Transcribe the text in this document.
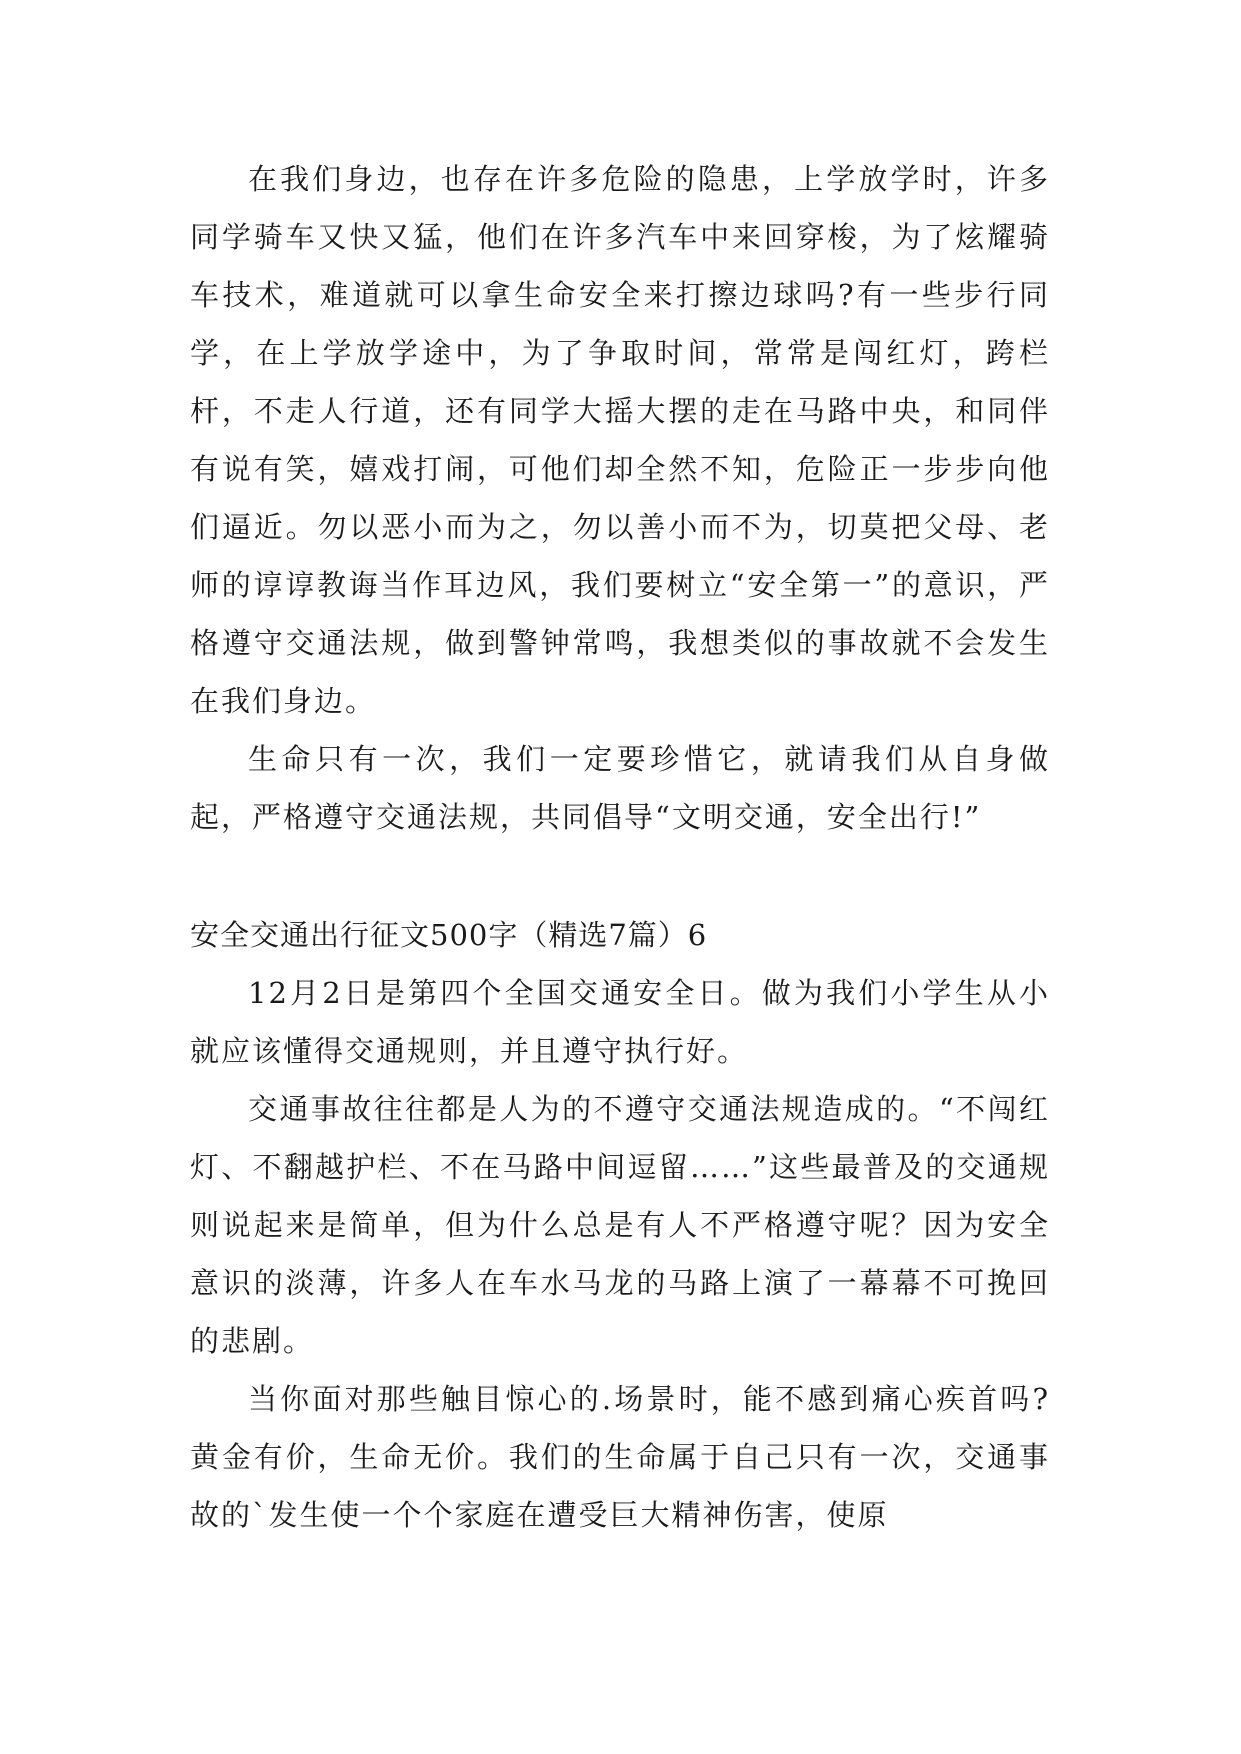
在我们身边，也存在许多危险的隐患，上学放学时，许多同学骑车又快又猛，他们在许多汽车中来回穿梭，为了炫耀骑车技术，难道就可以拿生命安全来打擦边球吗?有一些步行同学，在上学放学途中，为了争取时间，常常是闯红灯，跨栏杆，不走人行道，还有同学大摇大摆的走在马路中央，和同伴有说有笑，嬉戏打闹，可他们却全然不知，危险正一步步向他们逼近。勿以恶小而为之，勿以善小而不为，切莫把父母、老师的谆谆教诲当作耳边风，我们要树立“安全第一”的意识，严格遵守交通法规，做到警钟常鸣，我想类似的事故就不会发生在我们身边。

生命只有一次，我们一定要珍惜它，就请我们从自身做起，严格遵守交通法规，共同倡导“文明交通，安全出行!”

安全交通出行征文500字（精选7篇）6

12月2日是第四个全国交通安全日。做为我们小学生从小就应该懂得交通规则，并且遵守执行好。

交通事故往往都是人为的不遵守交通法规造成的。“不闯红灯、不翻越护栏、不在马路中间逗留……”这些最普及的交通规则说起来是简单，但为什么总是有人不严格遵守呢？因为安全意识的淡薄，许多人在车水马龙的马路上演了一幕幕不可挽回的悲剧。

当你面对那些触目惊心的.场景时，能不感到痛心疾首吗?黄金有价，生命无价。我们的生命属于自己只有一次，交通事故的`发生使一个个家庭在遭受巨大精神伤害，使原
